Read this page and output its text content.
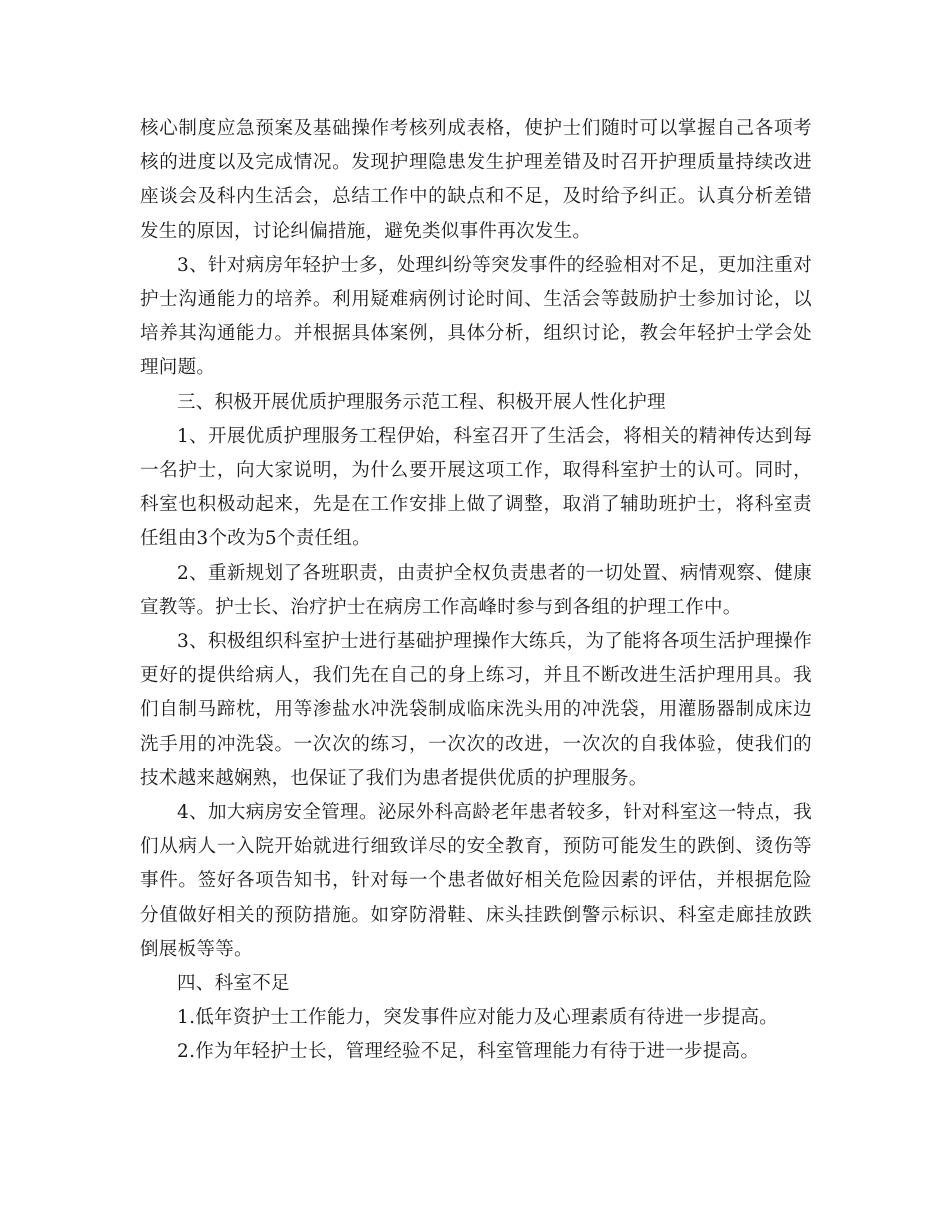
核心制度应急预案及基础操作考核列成表格，使护士们随时可以掌握自己各项考核的进度以及完成情况。发现护理隐患发生护理差错及时召开护理质量持续改进座谈会及科内生活会，总结工作中的缺点和不足，及时给予纠正。认真分析差错发生的原因，讨论纠偏措施，避免类似事件再次发生。

3、针对病房年轻护士多，处理纠纷等突发事件的经验相对不足，更加注重对护士沟通能力的培养。利用疑难病例讨论时间、生活会等鼓励护士参加讨论，以培养其沟通能力。并根据具体案例，具体分析，组织讨论，教会年轻护士学会处理问题。

三、积极开展优质护理服务示范工程、积极开展人性化护理

1、开展优质护理服务工程伊始，科室召开了生活会，将相关的精神传达到每一名护士，向大家说明，为什么要开展这项工作，取得科室护士的认可。同时，科室也积极动起来，先是在工作安排上做了调整，取消了辅助班护士，将科室责任组由3个改为5个责任组。

2、重新规划了各班职责，由责护全权负责患者的一切处置、病情观察、健康宣教等。护士长、治疗护士在病房工作高峰时参与到各组的护理工作中。

3、积极组织科室护士进行基础护理操作大练兵，为了能将各项生活护理操作更好的提供给病人，我们先在自己的身上练习，并且不断改进生活护理用具。我们自制马蹄枕，用等渗盐水冲洗袋制成临床洗头用的冲洗袋，用灌肠器制成床边洗手用的冲洗袋。一次次的练习，一次次的改进，一次次的自我体验，使我们的技术越来越娴熟，也保证了我们为患者提供优质的护理服务。

4、加大病房安全管理。泌尿外科高龄老年患者较多，针对科室这一特点，我们从病人一入院开始就进行细致详尽的安全教育，预防可能发生的跌倒、烫伤等事件。签好各项告知书，针对每一个患者做好相关危险因素的评估，并根据危险分值做好相关的预防措施。如穿防滑鞋、床头挂跌倒警示标识、科室走廊挂放跌倒展板等等。

四、科室不足

1.低年资护士工作能力，突发事件应对能力及心理素质有待进一步提高。

2.作为年轻护士长，管理经验不足，科室管理能力有待于进一步提高。
